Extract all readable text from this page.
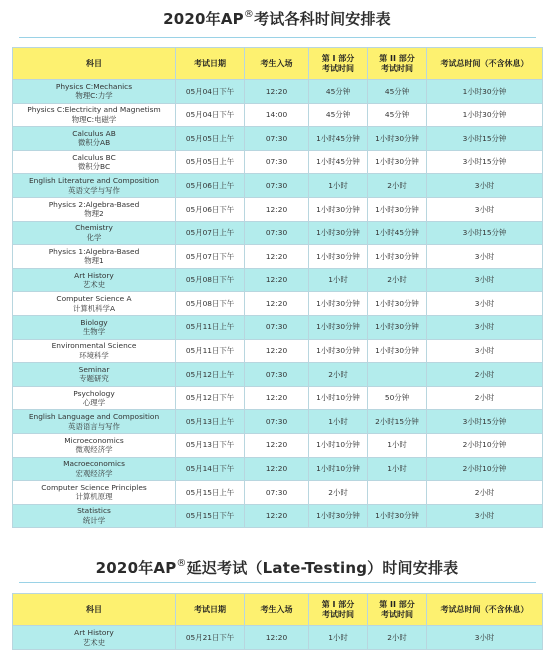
2020年AP®考试各科时间安排表
科目	考试日期	考生入场	第 I 部分
考试时间	第 II 部分
考试时间	考试总时间（不含休息）

Physics C:Mechanics
物理C:力学	05月04日下午	12:20	45分钟	45分钟	1小时30分钟

Physics C:Electricity and Magnetism
物理C:电磁学	05月04日下午	14:00	45分钟	45分钟	1小时30分钟

Calculus AB
微积分AB	05月05日上午	07:30	1小时45分钟	1小时30分钟	3小时15分钟

Calculus BC
微积分BC	05月05日上午	07:30	1小时45分钟	1小时30分钟	3小时15分钟

English Literature and Composition
英语文学与写作	05月06日上午	07:30	1小时	2小时	3小时

Physics 2:Algebra-Based
物理2	05月06日下午	12:20	1小时30分钟	1小时30分钟	3小时

Chemistry
化学	05月07日上午	07:30	1小时30分钟	1小时45分钟	3小时15分钟

Physics 1:Algebra-Based
物理1	05月07日下午	12:20	1小时30分钟	1小时30分钟	3小时

Art History
艺术史	05月08日下午	12:20	1小时	2小时	3小时

Computer Science A
计算机科学A	05月08日下午	12:20	1小时30分钟	1小时30分钟	3小时

Biology
生物学	05月11日上午	07:30	1小时30分钟	1小时30分钟	3小时

Environmental Science
环境科学	05月11日下午	12:20	1小时30分钟	1小时30分钟	3小时

Seminar
专题研究	05月12日上午	07:30	2小时		2小时

Psychology
心理学	05月12日下午	12:20	1小时10分钟	50分钟	2小时

English Language and Composition
英语语言与写作	05月13日上午	07:30	1小时	2小时15分钟	3小时15分钟

Microeconomics
微观经济学	05月13日下午	12:20	1小时10分钟	1小时	2小时10分钟

Macroeconomics
宏观经济学	05月14日下午	12:20	1小时10分钟	1小时	2小时10分钟

Computer Science Principles
计算机原理	05月15日上午	07:30	2小时		2小时

Statistics
统计学	05月15日下午	12:20	1小时30分钟	1小时30分钟	3小时
2020年AP®延迟考试（Late-Testing）时间安排表
科目	考试日期	考生入场	第 I 部分
考试时间	第 II 部分
考试时间	考试总时间（不含休息）

Art History
艺术史	05月21日下午	12:20	1小时	2小时	3小时
